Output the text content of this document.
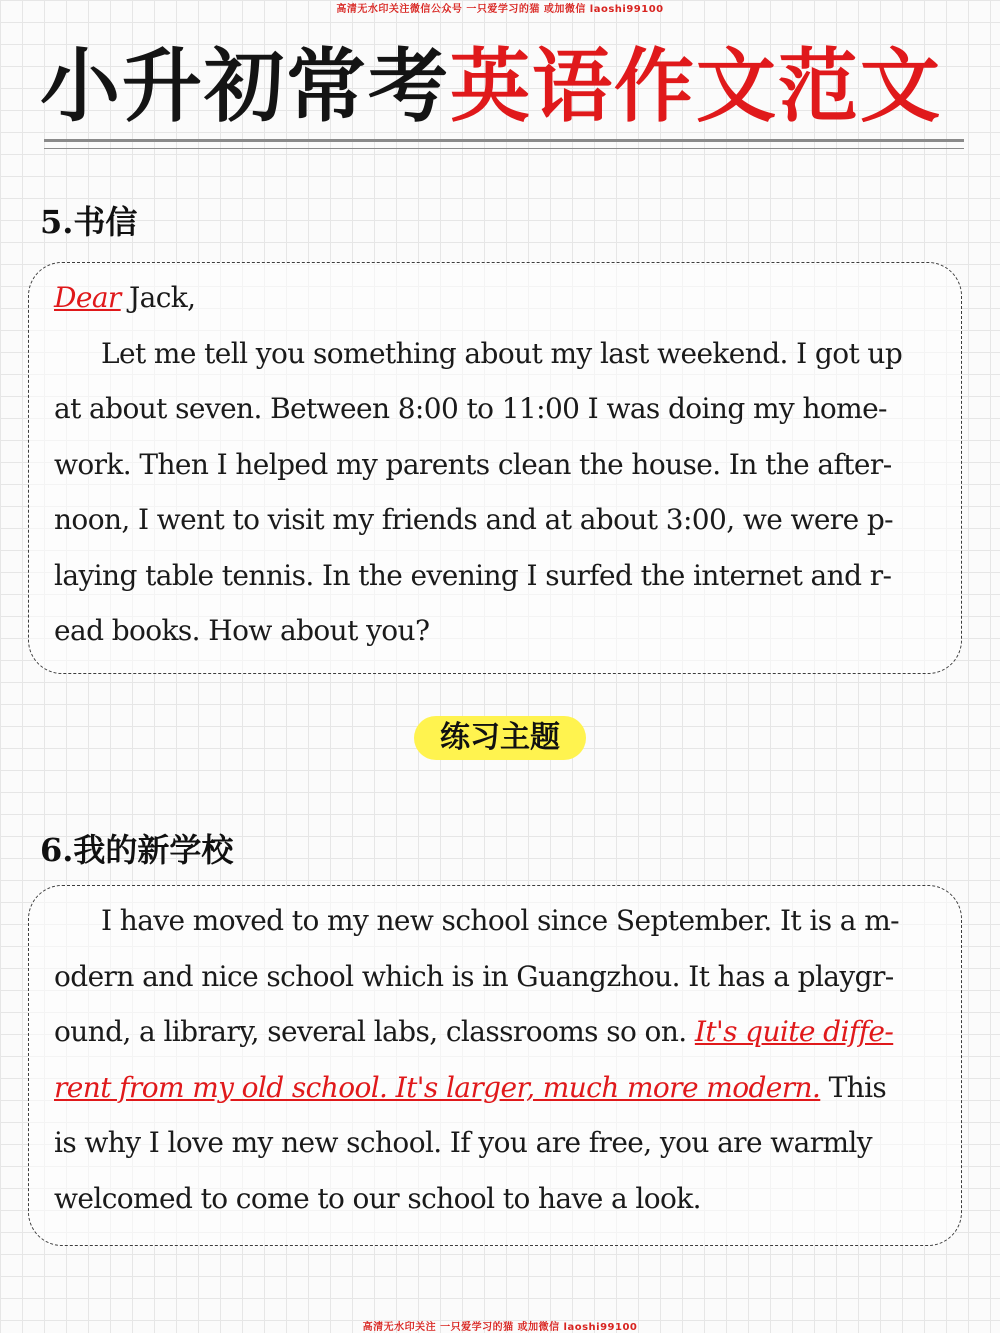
高清无水印关注微信公众号 一只爱学习的猫 或加微信 laoshi99100
小升初常考英语作文范文
5.书信
Dear Jack,
Let me tell you something about my last weekend. I got up
at about seven. Between 8:00 to 11:00 I was doing my home-
work. Then I helped my parents clean the house. In the after-
noon, I went to visit my friends and at about 3:00, we were p-
laying table tennis. In the evening I surfed the internet and r-
ead books. How about you?
练习主题
6.我的新学校
I have moved to my new school since September. It is a m-
odern and nice school which is in Guangzhou. It has a playgr-
ound, a library, several labs, classrooms so on. It's quite diffe-
rent from my old school. It's larger, much more modern. This
is why I love my new school. If you are free, you are warmly
welcomed to come to our school to have a look.
高清无水印关注 一只爱学习的猫 或加微信 laoshi99100
